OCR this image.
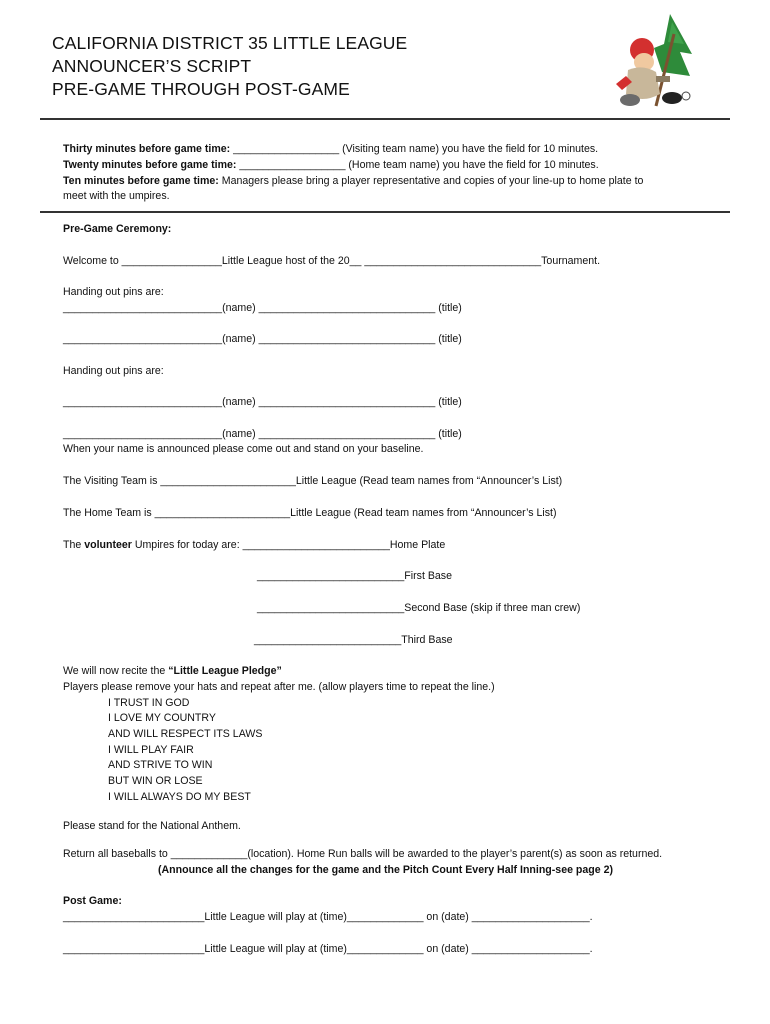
CALIFORNIA DISTRICT 35 LITTLE LEAGUE
ANNOUNCER’S SCRIPT
PRE-GAME THROUGH POST-GAME
Thirty minutes before game time: __________________ (Visiting team name) you have the field for 10 minutes.
Twenty minutes before game time: __________________ (Home team name) you have the field for 10 minutes.
Ten minutes before game time: Managers please bring a player representative and copies of your line-up to home plate to
meet with the umpires.
Pre-Game Ceremony:
Welcome to _________________Little League host of the 20__ ______________________________Tournament.
Handing out pins are:
___________________________(name) ______________________________ (title)
___________________________(name) ______________________________ (title)
Handing out pins are:
___________________________(name) ______________________________ (title)
___________________________(name) ______________________________ (title)
When your name is announced please come out and stand on your baseline.
The Visiting Team is _______________________Little League (Read team names from “Announcer’s List)
The Home Team is _______________________Little League (Read team names from “Announcer’s List)
The volunteer Umpires for today are: _________________________Home Plate
_________________________First Base
_________________________Second Base (skip if three man crew)
_________________________Third Base
We will now recite the “Little League Pledge”
Players please remove your hats and repeat after me. (allow players time to repeat the line.)
I TRUST IN GOD
I LOVE MY COUNTRY
AND WILL RESPECT ITS LAWS
I WILL PLAY FAIR
AND STRIVE TO WIN
BUT WIN OR LOSE
I WILL ALWAYS DO MY BEST
Please stand for the National Anthem.
Return all baseballs to _____________(location). Home Run balls will be awarded to the player’s parent(s) as soon as returned.
(Announce all the changes for the game and the Pitch Count Every Half Inning-see page 2)
Post Game:
________________________Little League will play at (time)_____________ on (date) ____________________.
________________________Little League will play at (time)_____________ on (date) ____________________.
